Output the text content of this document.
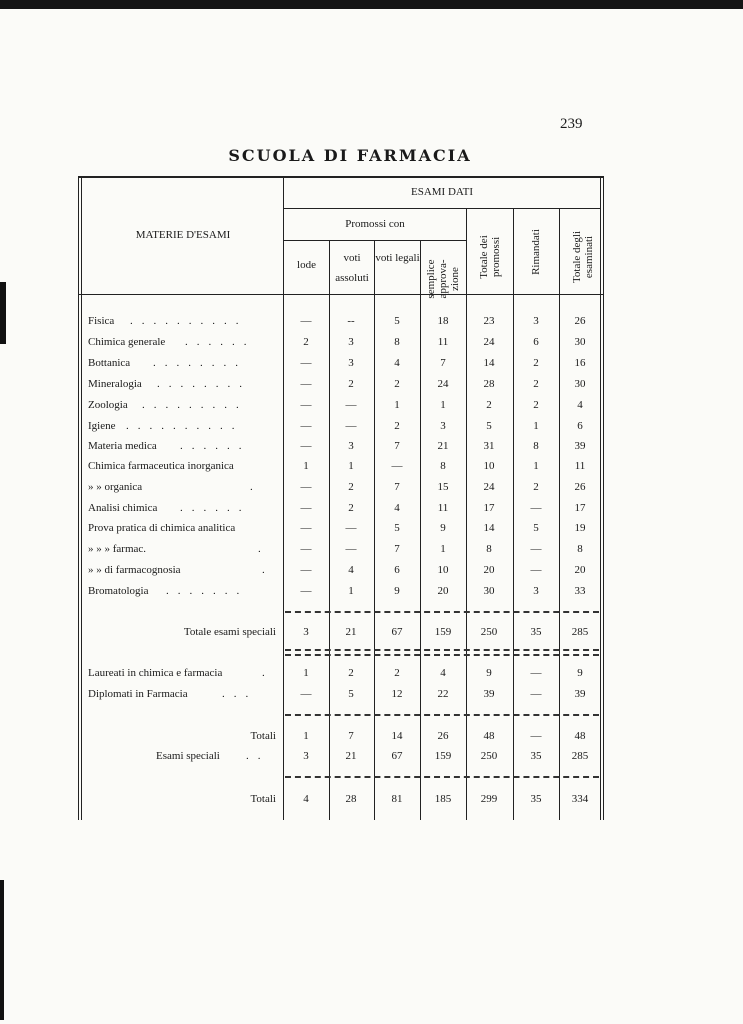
239
SCUOLA DI FARMACIA
MATERIE D'ESAMI
ESAMI DATI
Promossi con
lode
voti assoluti
voti legali
semplice approva-zione
Totale dei promossi	Rimandati	Totale degli esaminati
Fisica ..........	—	--	5	18	23	3	26
Chimica generale ......	2	3	8	11	24	6	30
Bottanica ........	—	3	4	7	14	2	16
Mineralogia ........	—	2	2	24	28	2	30
Zoologia .........	—	—	1	1	2	2	4
Igiene ..........	—	—	2	3	5	1	6
Materia medica ......	—	3	7	21	31	8	39
Chimica farmaceutica inorganica	1	1	—	8	10	1	11
» » organica	.	—	2	7	15	24	2	26
Analisi chimica ......	—	2	4	11	17	—	17
Prova pratica di chimica analitica	—	—	5	9	14	5	19
» » » farmac.	.	—	—	7	1	8	—	8
» » di farmacognosia	.	—	4	6	10	20	—	20
Bromatologia .......	—	1	9	20	30	3	33
Totale esami speciali	3	21	67	159	250	35	285
Laureati in chimica e farmacia	.	1	2	2	4	9	—	9
Diplomati in Farmacia	...	—	5	12	22	39	—	39
Totali	1	7	14	26	48	—	48
Esami speciali ..	3	21	67	159	250	35	285
Totali	4	28	81	185	299	35	334
